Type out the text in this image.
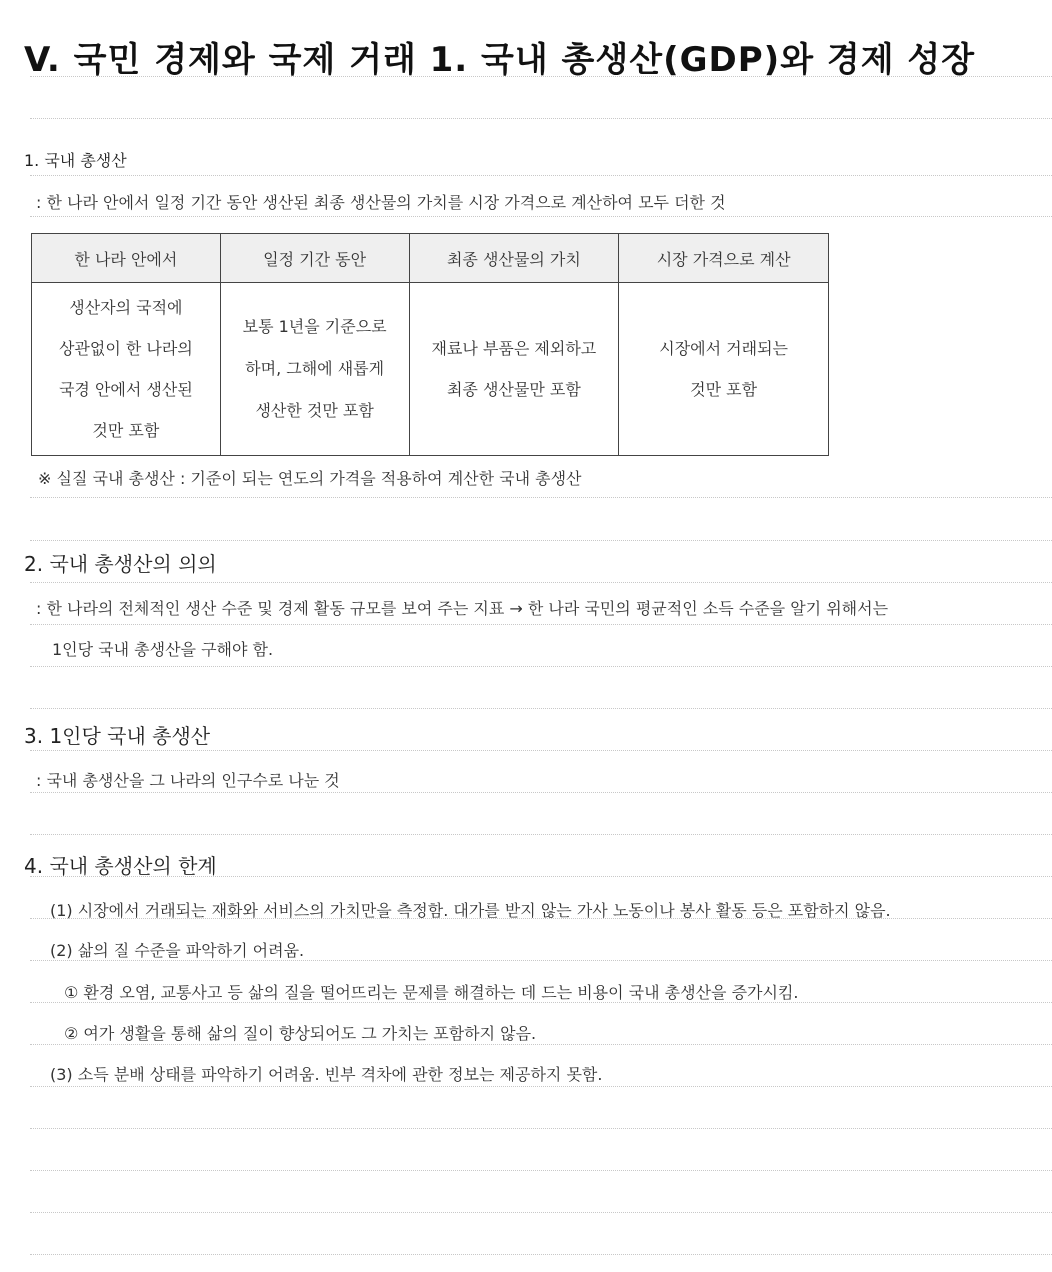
V. 국민 경제와 국제 거래 1. 국내 총생산(GDP)와 경제 성장
1. 국내 총생산
: 한 나라 안에서 일정 기간 동안 생산된 최종 생산물의 가치를 시장 가격으로 계산하여 모두 더한 것
한 나라 안에서	일정 기간 동안	최종 생산물의 가치	시장 가격으로 계산

생산자의 국적에
상관없이 한 나라의
국경 안에서 생산된
것만 포함	보통 1년을 기준으로
하며, 그해에 새롭게
생산한 것만 포함	재료나 부품은 제외하고
최종 생산물만 포함	시장에서 거래되는
것만 포함
※ 실질 국내 총생산 : 기준이 되는 연도의 가격을 적용하여 계산한 국내 총생산
2. 국내 총생산의 의의
: 한 나라의 전체적인 생산 수준 및 경제 활동 규모를 보여 주는 지표 → 한 나라 국민의 평균적인 소득 수준을 알기 위해서는
1인당 국내 총생산을 구해야 함.
3. 1인당 국내 총생산
: 국내 총생산을 그 나라의 인구수로 나눈 것
4. 국내 총생산의 한계
(1) 시장에서 거래되는 재화와 서비스의 가치만을 측정함. 대가를 받지 않는 가사 노동이나 봉사 활동 등은 포함하지 않음.
(2) 삶의 질 수준을 파악하기 어려움.
① 환경 오염, 교통사고 등 삶의 질을 떨어뜨리는 문제를 해결하는 데 드는 비용이 국내 총생산을 증가시킴.
② 여가 생활을 통해 삶의 질이 향상되어도 그 가치는 포함하지 않음.
(3) 소득 분배 상태를 파악하기 어려움. 빈부 격차에 관한 정보는 제공하지 못함.
